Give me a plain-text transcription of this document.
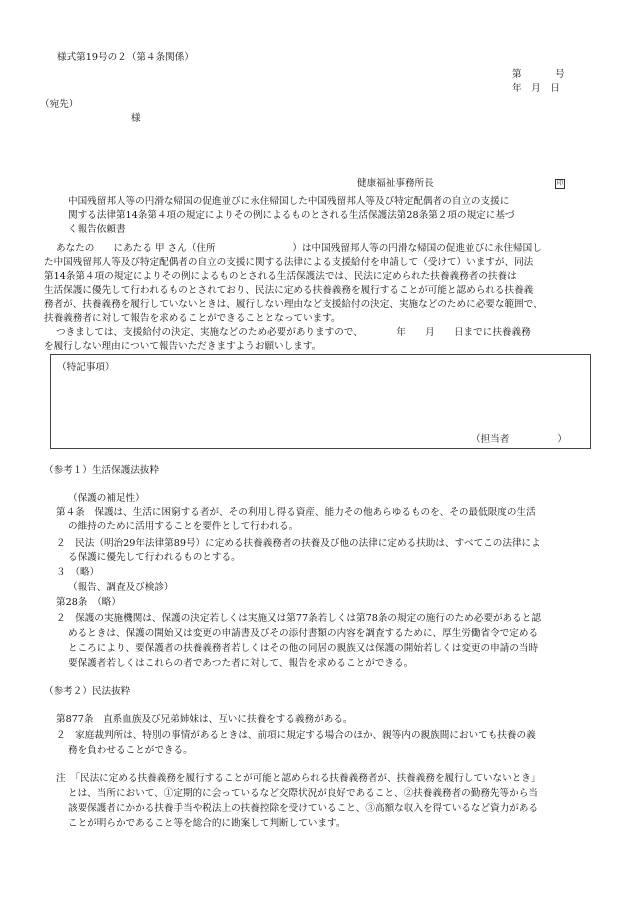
様式第19号の２（第４条関係）
第	号
年　月　日
（宛先）
様
健康福祉事務所長	印
中国残留邦人等の円滑な帰国の促進並びに永住帰国した中国残留邦人等及び特定配偶者の自立の支援に
関する法律第14条第４項の規定によりその例によるものとされる生活保護法第28条第２項の規定に基づ
く報告依頼書
あなたの　　にあたる 甲 さん（住所　　　　　　　　）は中国残留邦人等の円滑な帰国の促進並びに永住帰国し
た中国残留邦人等及び特定配偶者の自立の支援に関する法律による支援給付を申請して（受けて）いますが、同法
第14条第４項の規定によりその例によるものとされる生活保護法では、民法に定められた扶養義務者の扶養は
生活保護に優先して行われるものとされており、民法に定める扶養義務を履行することが可能と認められる扶養義
務者が、扶養義務を履行していないときは、履行しない理由など支援給付の決定、実施などのために必要な範囲で、
扶養義務者に対して報告を求めることができることとなっています。
つきましては、支援給付の決定、実施などのため必要がありますので、　　　　年　　月　　日までに扶養義務
（特記事項）
（担当者　　　　　）
（参考１）生活保護法抜粋
（保護の補足性）
第４条　保護は、生活に困窮する者が、その利用し得る資産、能力その他あらゆるものを、その最低限度の生活
の維持のために活用することを要件として行われる。
２　民法（明治29年法律第89号）に定める扶養義務者の扶養及び他の法律に定める扶助は、すべてこの法律によ
る保護に優先して行われるものとする。
３　（略）
（報告、調査及び検診）
第28条　（略）
２　保護の実施機関は、保護の決定若しくは実施又は第77条若しくは第78条の規定の施行のため必要があると認
めるときは、保護の開始又は変更の申請書及びその添付書類の内容を調査するために、厚生労働省令で定める
ところにより、要保護者の扶養義務者若しくはその他の同居の親族又は保護の開始若しくは変更の申請の当時
要保護者若しくはこれらの者であつた者に対して、報告を求めることができる。
（参考２）民法抜粋
第877条　直系血族及び兄弟姉妹は、互いに扶養をする義務がある。
２　家庭裁判所は、特別の事情があるときは、前項に規定する場合のほか、親等内の親族間においても扶養の義
務を負わせることができる。
注　「民法に定める扶養義務を履行することが可能と認められる扶養義務者が、扶養義務を履行していないとき」
とは、当所において、①定期的に会っているなど交際状況が良好であること、②扶養義務者の勤務先等から当
該要保護者にかかる扶養手当や税法上の扶養控除を受けていること、③高額な収入を得ているなど資力がある
ことが明らかであること等を総合的に勘案して判断しています。
を履行しない理由について報告いただきますようお願いします。
